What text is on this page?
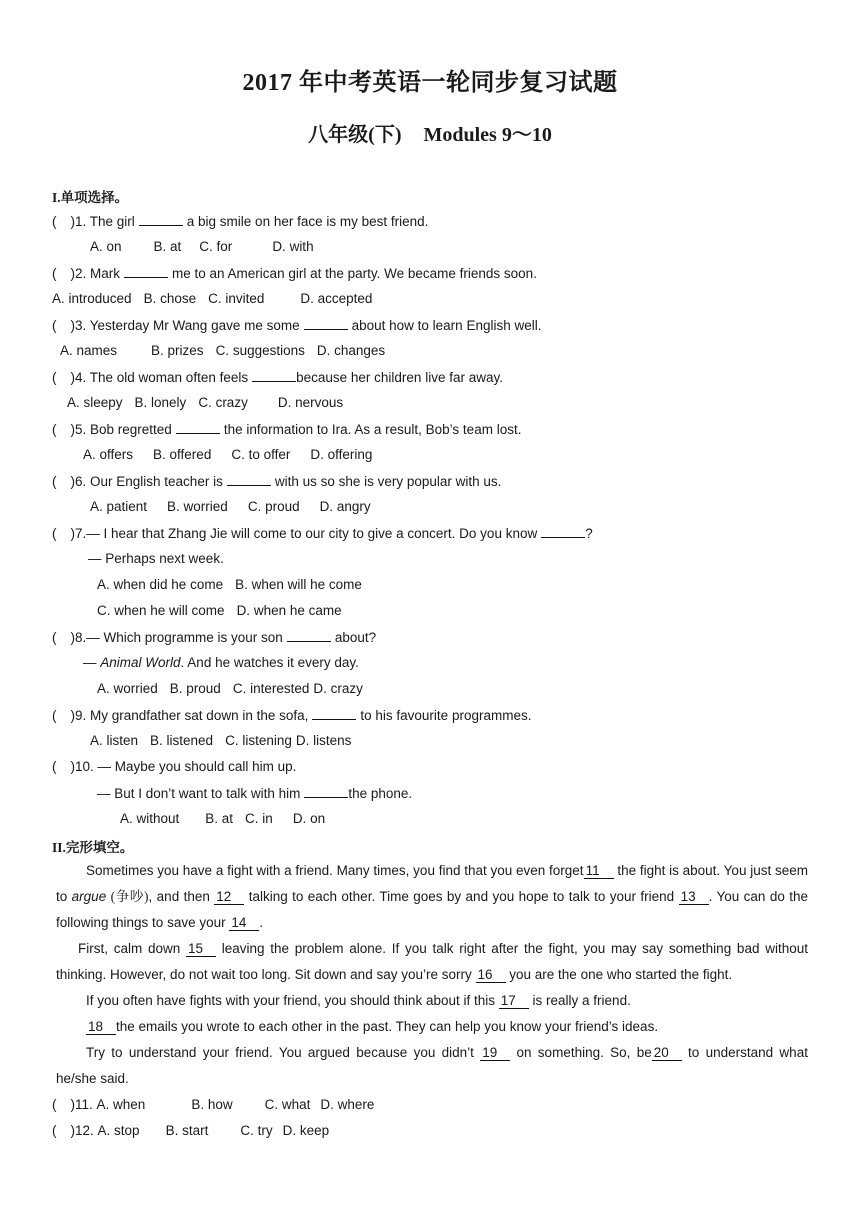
2017 年中考英语一轮同步复习试题
八年级(下) Modules 9～10
I.单项选择。
( )1. The girl	a big smile on her face is my best friend.
A. on B. at C. for	D. with
( )2. Mark	me to an American girl at the party. We became friends soon.
A. introduced B. chose C. invited	D. accepted
( )3. Yesterday Mr Wang gave me some	about how to learn English well.
A. names	B. prizes C. suggestions D. changes
( )4. The old woman often feels	because her children live far away.
A. sleepy B. lonely C. crazy D. nervous
( )5. Bob regretted	the information to Ira. As a result, Bob’s team lost.
A. offers B. offered C. to offer D. offering
( )6. Our English teacher is	with us so she is very popular with us.
A. patient B. worried C. proud D. angry
( )7.— I hear that Zhang Jie will come to our city to give a concert. Do you know	?
— Perhaps next week.
A. when did he come B. when will he come
C. when he will come D. when he came
( )8.— Which programme is your son	about?
— Animal World. And he watches it every day.
A. worried B. proud C. interested D. crazy
( )9. My grandfather sat down in the sofa,	to his favourite programmes.
A. listen B. listened C. listening D. listens
( )10. — Maybe you should call him up.
— But I don’t want to talk with him	the phone.
A. without B. at C. in D. on
II.完形填空。
Sometimes you have a fight with a friend. Many times, you find that you even forget 11 the fight is about. You just seem to argue (争吵), and then 12 talking to each other. Time goes by and you hope to talk to your friend 13 . You can do the following things to save your 14 .
First, calm down 15 leaving the problem alone. If you talk right after the fight, you may say something bad without thinking. However, do not wait too long. Sit down and say you’re sorry 16 you are the one who started the fight.
If you often have fights with your friend, you should think about if this 17 is really a friend.
18 the emails you wrote to each other in the past. They can help you know your friend’s ideas.
Try to understand your friend. You argued because you didn’t 19 on something. So, be 20 to understand what he/she said.
( )11. A. when	B. how C. what D. where
( )12. A. stop B. start C. try D. keep
